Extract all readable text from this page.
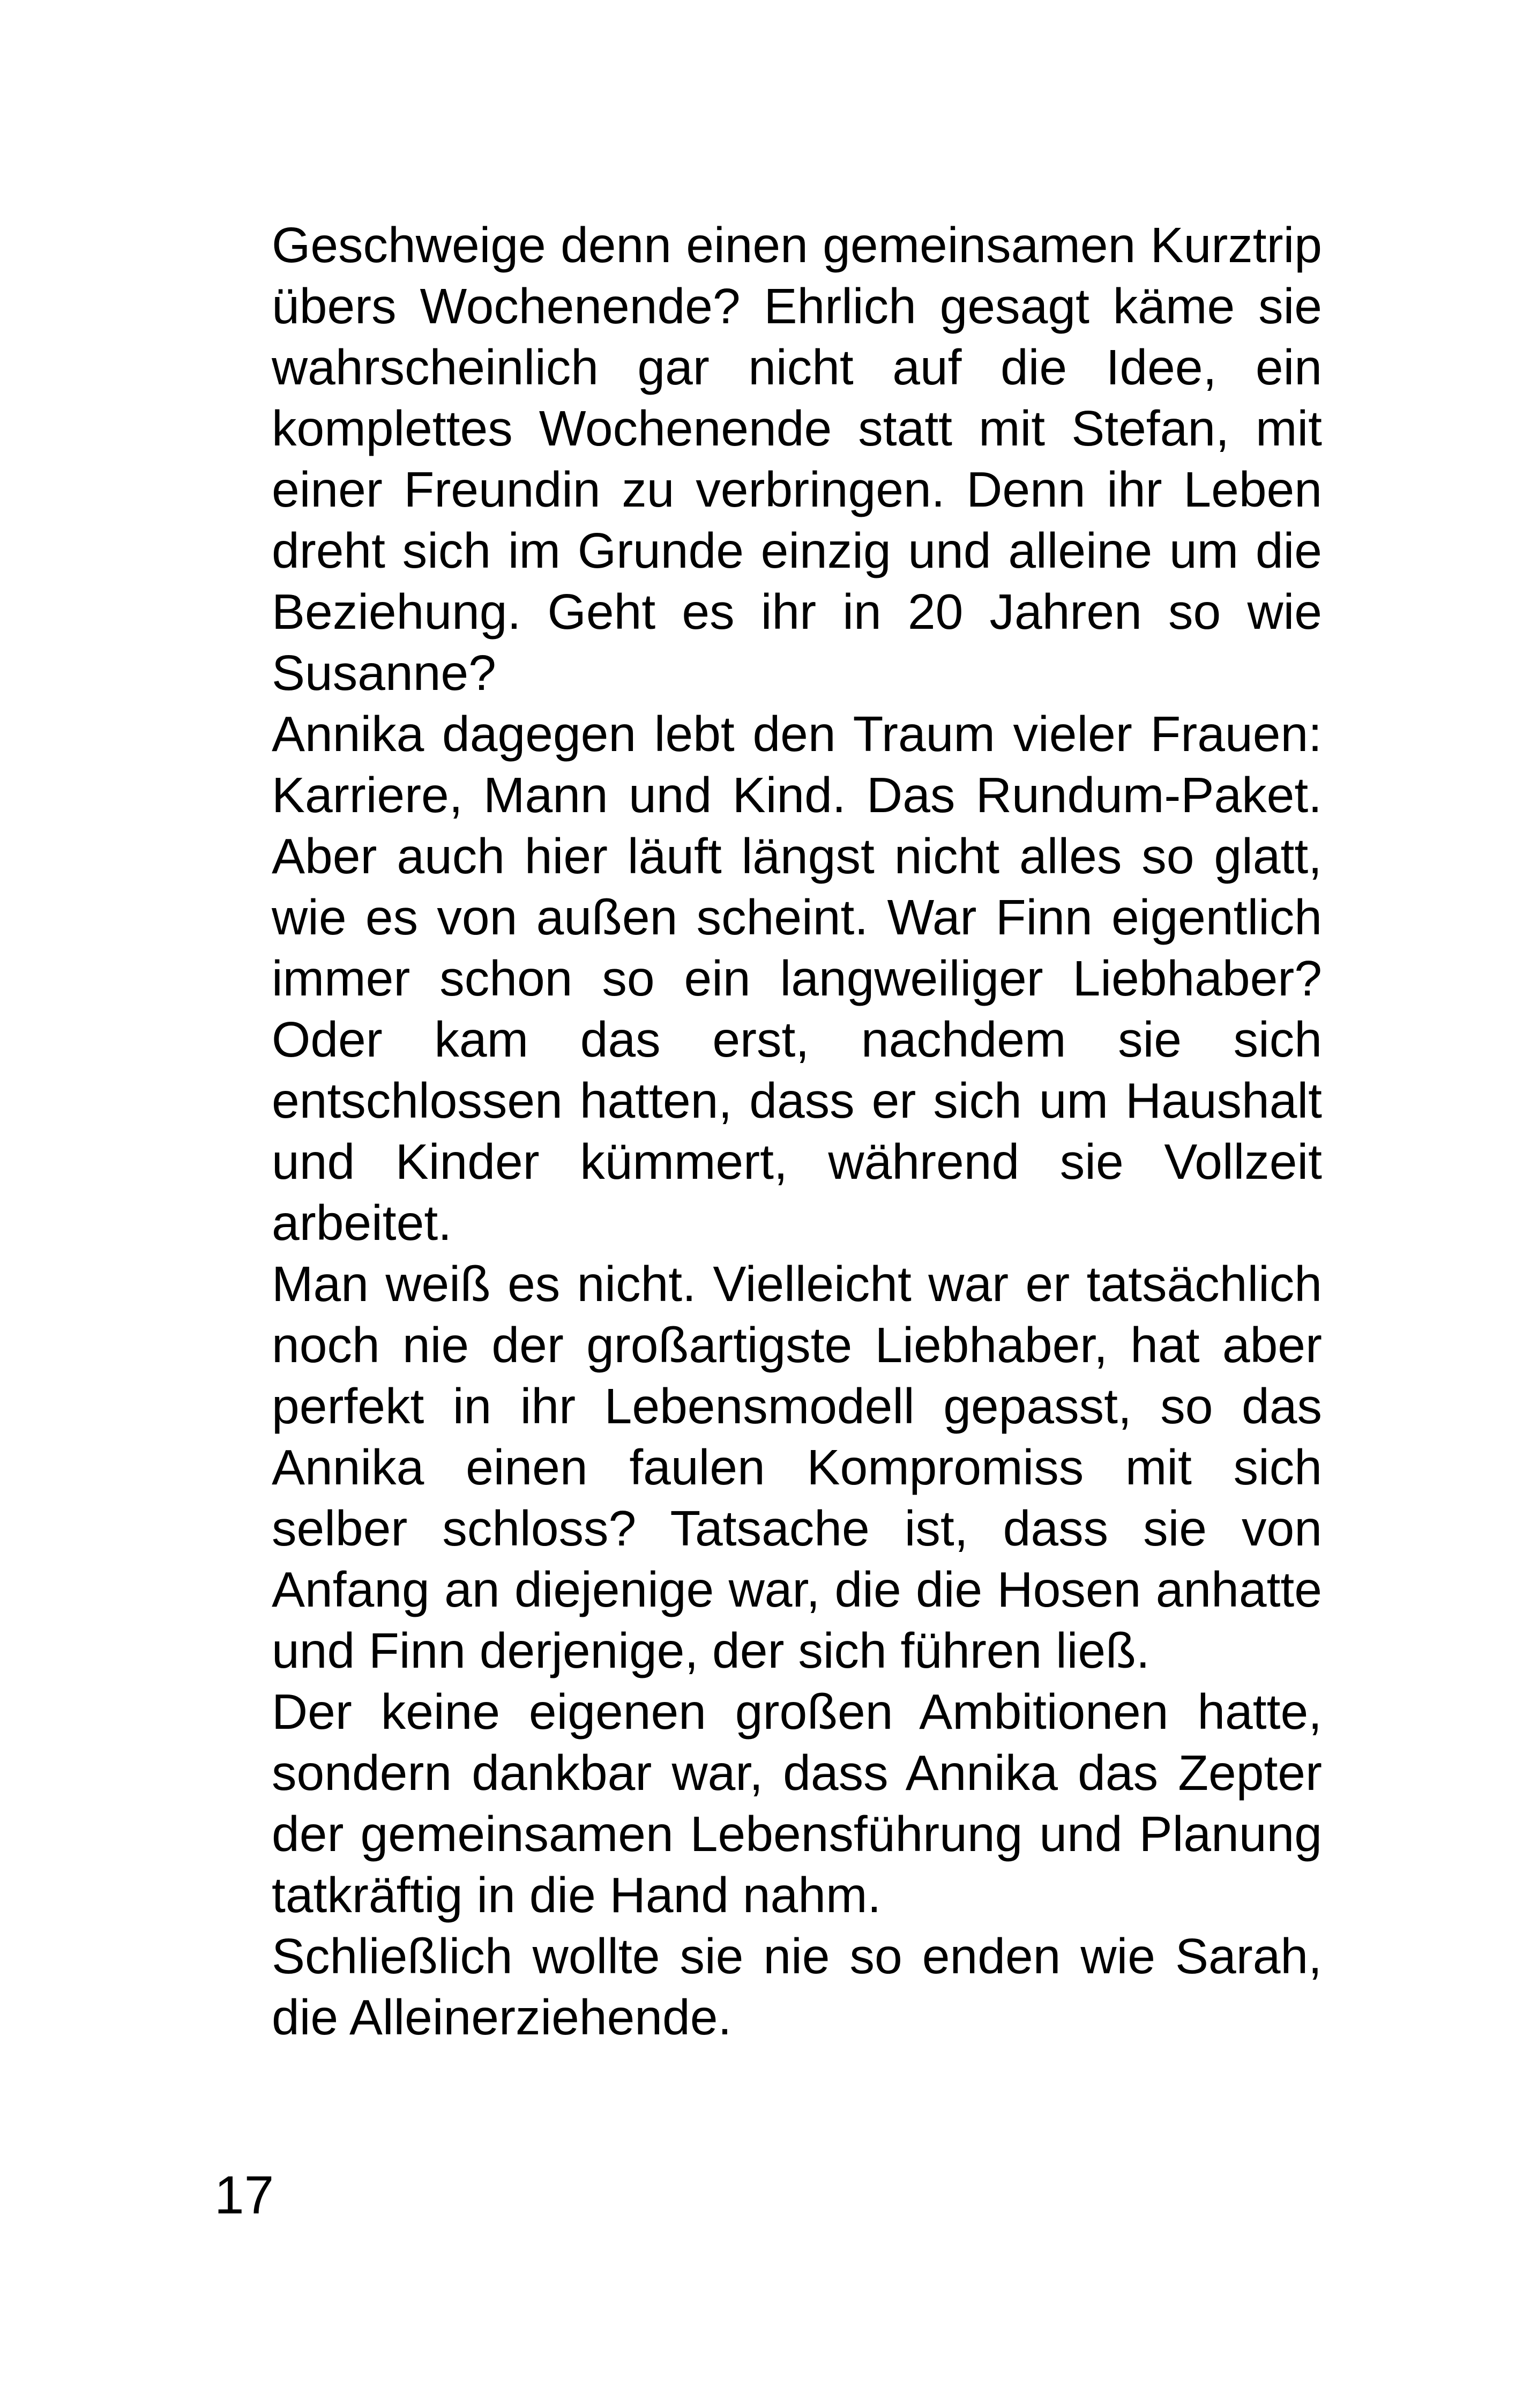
Geschweige denn einen gemeinsamen Kurztrip übers Wochenende? Ehrlich gesagt käme sie wahrscheinlich gar nicht auf die Idee, ein komplettes Wochenende statt mit Stefan, mit einer Freundin zu verbringen. Denn ihr Leben dreht sich im Grunde einzig und alleine um die Beziehung. Geht es ihr in 20 Jahren so wie Susanne?

Annika dagegen lebt den Traum vieler Frauen: Karriere, Mann und Kind. Das Rundum-Paket. Aber auch hier läuft längst nicht alles so glatt, wie es von außen scheint. War Finn eigentlich immer schon so ein langweiliger Liebhaber? Oder kam das erst, nachdem sie sich entschlossen hatten, dass er sich um Haushalt und Kinder kümmert, während sie Vollzeit arbeitet.

Man weiß es nicht. Vielleicht war er tatsächlich noch nie der großartigste Liebhaber, hat aber perfekt in ihr Lebensmodell gepasst, so das Annika einen faulen Kompromiss mit sich selber schloss? Tatsache ist, dass sie von Anfang an diejenige war, die die Hosen anhatte und Finn derjenige, der sich führen ließ.

Der keine eigenen großen Ambitionen hatte, sondern dankbar war, dass Annika das Zepter der gemeinsamen Lebensführung und Planung tatkräftig in die Hand nahm.

Schließlich wollte sie nie so enden wie Sarah, die Alleinerziehende.

17
